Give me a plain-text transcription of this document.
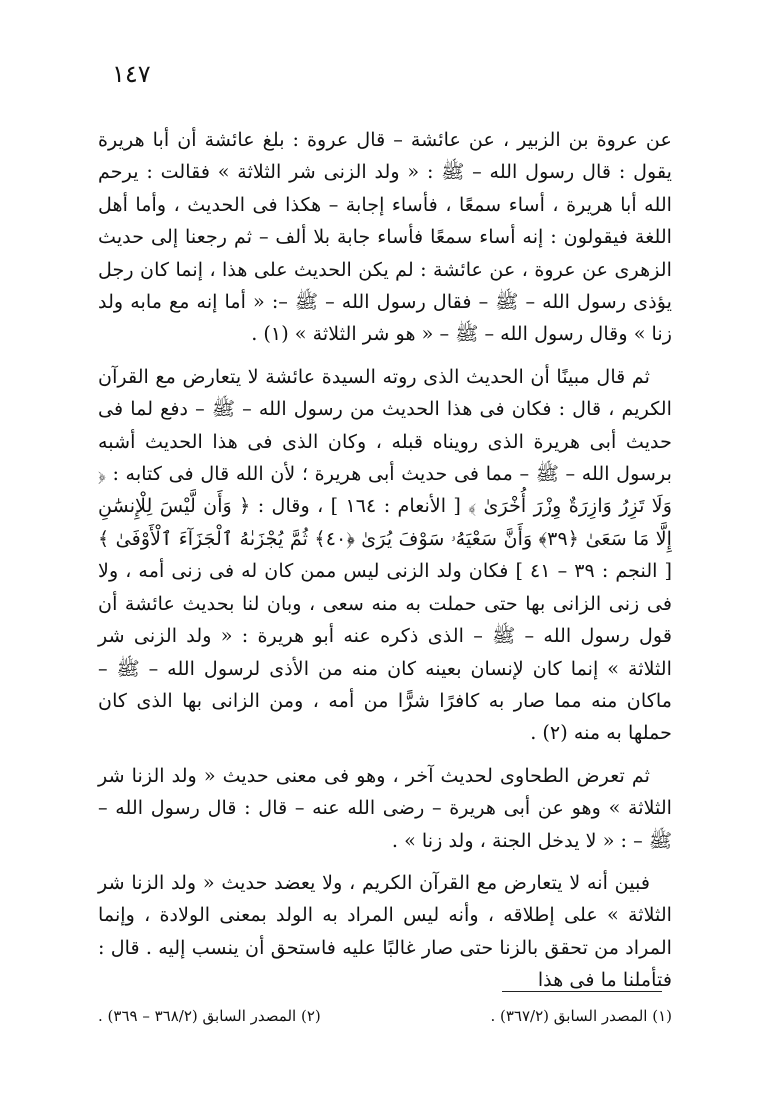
١٤٧

عن عروة بن الزبير ، عن عائشة – قال عروة : بلغ عائشة أن أبا هريرة يقول : قال رسول الله – ﷺ : « ولد الزنى شر الثلاثة » فقالت : يرحم الله أبا هريرة ، أساء سمعًا ، فأساء إجابة – هكذا فى الحديث ، وأما أهل اللغة فيقولون : إنه أساء سمعًا فأساء جابة بلا ألف – ثم رجعنا إلى حديث الزهرى عن عروة ، عن عائشة : لم يكن الحديث على هذا ، إنما كان رجل يؤذى رسول الله – ﷺ – فقال رسول الله – ﷺ –: « أما إنه مع مابه ولد زنا » وقال رسول الله – ﷺ – « هو شر الثلاثة » (١) .

ثم قال مبينًا أن الحديث الذى روته السيدة عائشة لا يتعارض مع القرآن الكريم ، قال : فكان فى هذا الحديث من رسول الله – ﷺ – دفع لما فى حديث أبى هريرة الذى رويناه قبله ، وكان الذى فى هذا الحديث أشبه برسول الله – ﷺ – مما فى حديث أبى هريرة ؛ لأن الله قال فى كتابه : ﴿ وَلَا تَزِرُ وَازِرَةٌ وِزْرَ أُخْرَىٰ ﴾ [ الأنعام : ١٦٤ ] ، وقال : ﴿ وَأَن لَّيْسَ لِلْإِنسَٰنِ إِلَّا مَا سَعَىٰ ﴿٣٩﴾ وَأَنَّ سَعْيَهُۥ سَوْفَ يُرَىٰ ﴿٤٠﴾ ثُمَّ يُجْزَىٰهُ ٱلْجَزَآءَ ٱلْأَوْفَىٰ ﴾ [ النجم : ٣٩ – ٤١ ] فكان ولد الزنى ليس ممن كان له فى زنى أمه ، ولا فى زنى الزانى بها حتى حملت به منه سعى ، وبان لنا بحديث عائشة أن قول رسول الله – ﷺ – الذى ذكره عنه أبو هريرة : « ولد الزنى شر الثلاثة » إنما كان لإنسان بعينه كان منه من الأذى لرسول الله – ﷺ – ماكان منه مما صار به كافرًا شرًّا من أمه ، ومن الزانى بها الذى كان حملها به منه (٢) .

ثم تعرض الطحاوى لحديث آخر ، وهو فى معنى حديث « ولد الزنا شر الثلاثة » وهو عن أبى هريرة – رضى الله عنه – قال : قال رسول الله – ﷺ – : « لا يدخل الجنة ، ولد زنا » .

فبين أنه لا يتعارض مع القرآن الكريم ، ولا يعضد حديث « ولد الزنا شر الثلاثة » على إطلاقه ، وأنه ليس المراد به الولد بمعنى الولادة ، وإنما المراد من تحقق بالزنا حتى صار غالبًا عليه فاستحق أن ينسب إليه . قال : فتأملنا ما فى هذا

(١) المصدر السابق (٣٦٧/٢) .
(٢) المصدر السابق (٣٦٨/٢ – ٣٦٩) .
